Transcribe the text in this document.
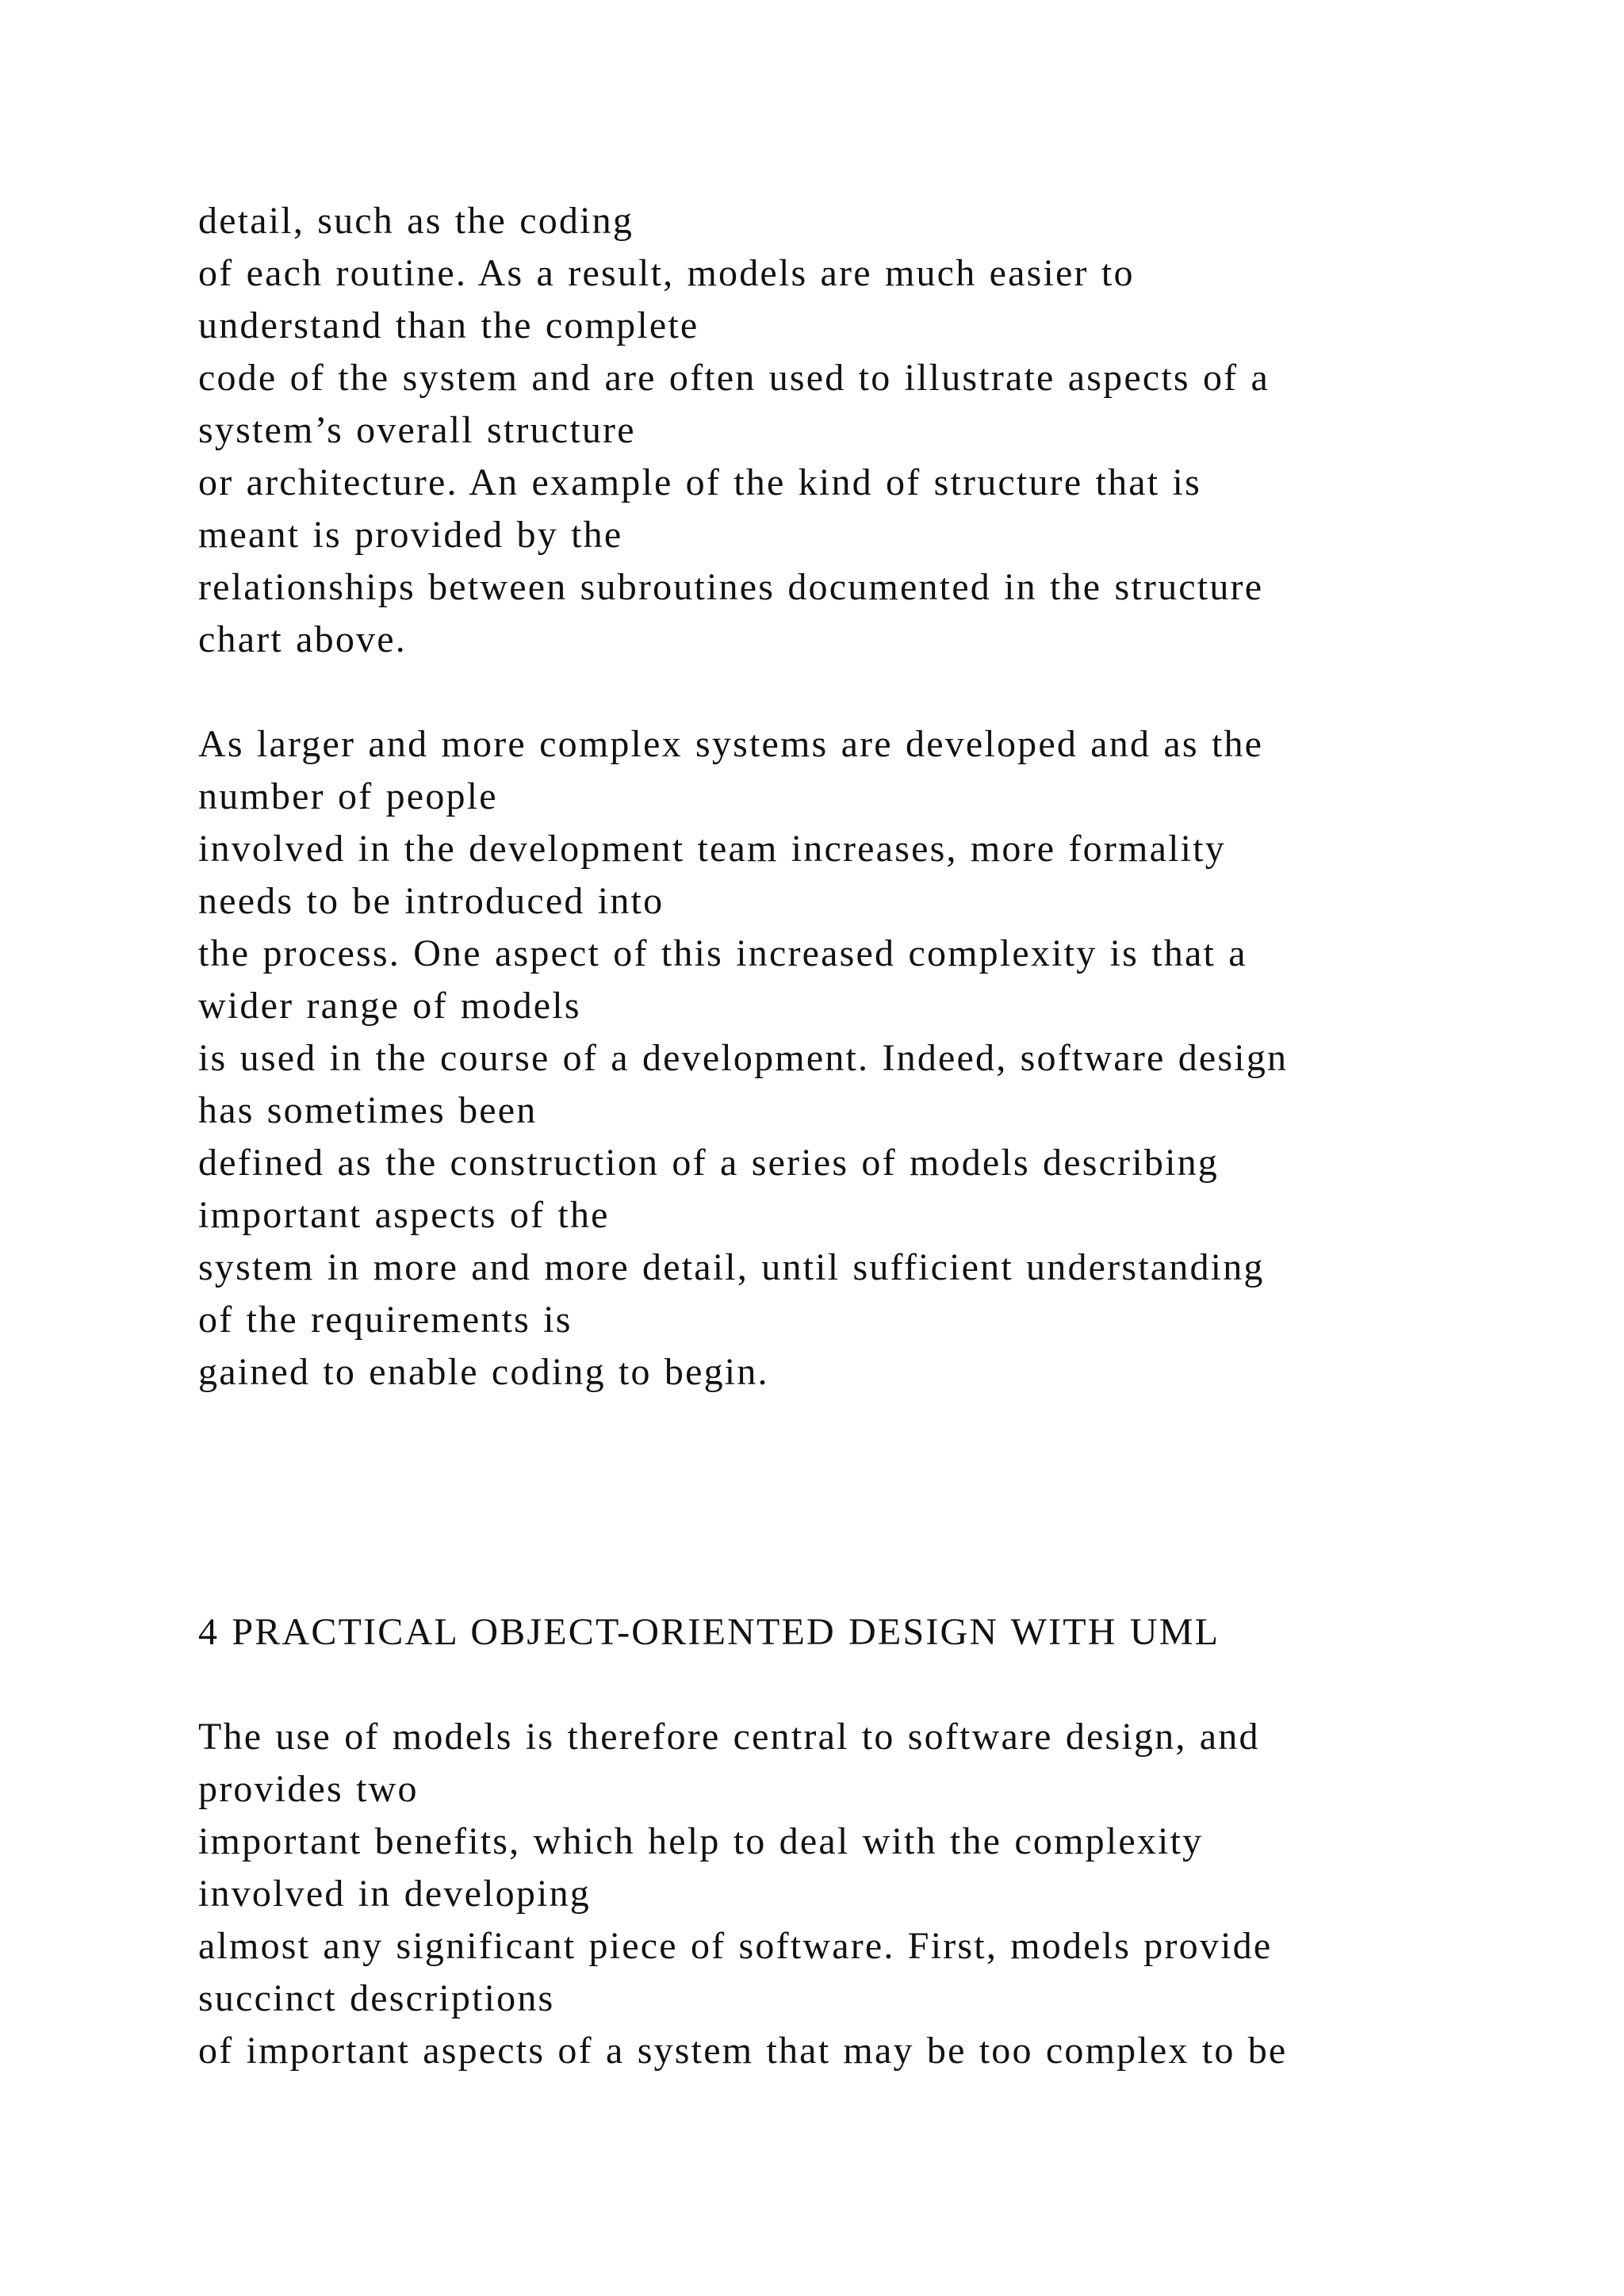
detail, such as the coding
of each routine. As a result, models are much easier to
understand than the complete
code of the system and are often used to illustrate aspects of a
system’s overall structure
or architecture. An example of the kind of structure that is
meant is provided by the
relationships between subroutines documented in the structure
chart above.
As larger and more complex systems are developed and as the
number of people
involved in the development team increases, more formality
needs to be introduced into
the process. One aspect of this increased complexity is that a
wider range of models
is used in the course of a development. Indeed, software design
has sometimes been
defined as the construction of a series of models describing
important aspects of the
system in more and more detail, until sufficient understanding
of the requirements is
gained to enable coding to begin.
4 PRACTICAL OBJECT-ORIENTED DESIGN WITH UML
The use of models is therefore central to software design, and
provides two
important benefits, which help to deal with the complexity
involved in developing
almost any significant piece of software. First, models provide
succinct descriptions
of important aspects of a system that may be too complex to be
